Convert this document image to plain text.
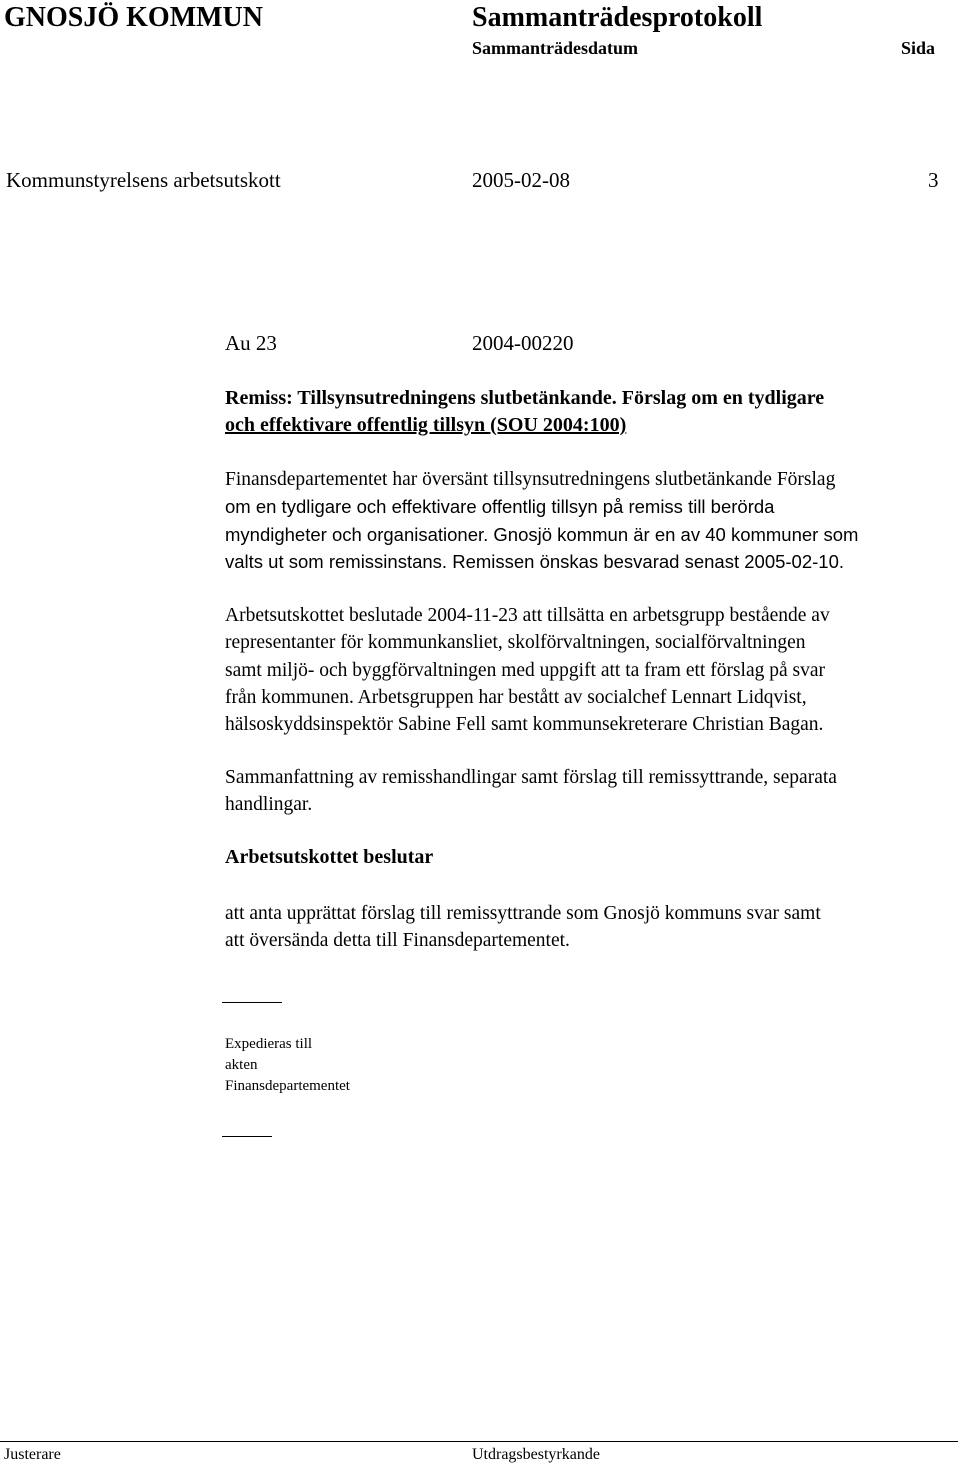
GNOSJÖ KOMMUN	Sammanträdesprotokoll
Sammanträdesdatum	Sida
Kommunstyrelsens arbetsutskott	2005-02-08	3
Au 23	2004-00220
Remiss: Tillsynsutredningens slutbetänkande. Förslag om en tydligare
och effektivare offentlig tillsyn (SOU 2004:100)
Finansdepartementet har översänt tillsynsutredningens slutbetänkande Förslag
om en tydligare och effektivare offentlig tillsyn på remiss till berörda
myndigheter och organisationer. Gnosjö kommun är en av 40 kommuner som
valts ut som remissinstans. Remissen önskas besvarad senast 2005-02-10.
Arbetsutskottet beslutade 2004-11-23 att tillsätta en arbetsgrupp bestående av
representanter för kommunkansliet, skolförvaltningen, socialförvaltningen
samt miljö- och byggförvaltningen med uppgift att ta fram ett förslag på svar
från kommunen. Arbetsgruppen har bestått av socialchef Lennart Lidqvist,
hälsoskyddsinspektör Sabine Fell samt kommunsekreterare Christian Bagan.
Sammanfattning av remisshandlingar samt förslag till remissyttrande, separata
handlingar.
Arbetsutskottet beslutar
att anta upprättat förslag till remissyttrande som Gnosjö kommuns svar samt
att översända detta till Finansdepartementet.
Expedieras till
akten
Finansdepartementet
Justerare	Utdragsbestyrkande
